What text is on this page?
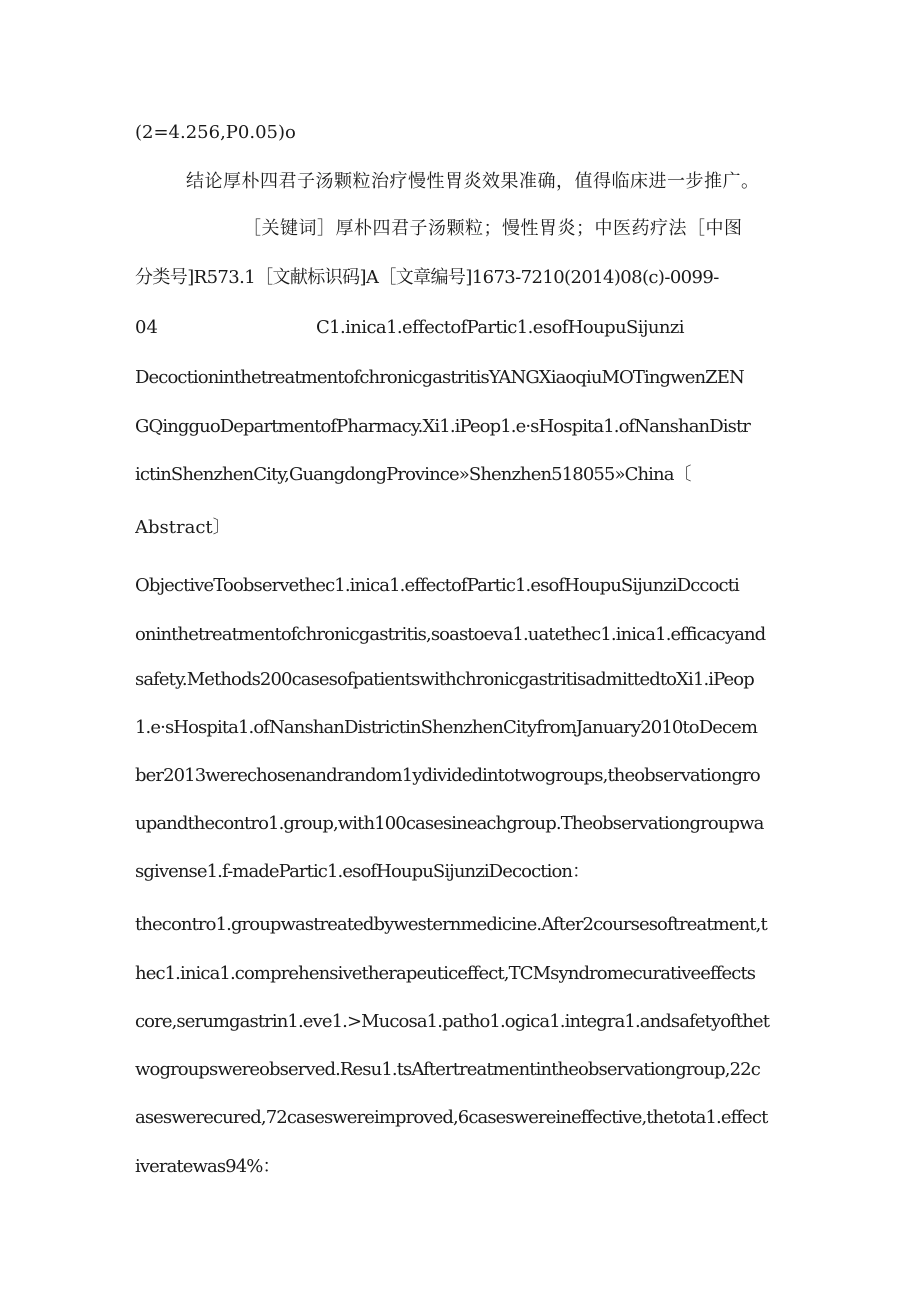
(2=4.256,P0.05)o

结论厚朴四君子汤颗粒治疗慢性胃炎效果准确，值得临床进一步推广。

［关键词］厚朴四君子汤颗粒；慢性胃炎；中医药疗法［中图

分类号]R573.1［文献标识码]A［文章编号]1673-7210(2014)08(c)-0099-

04	C1.inica1.effectofPartic1.esofHoupuSijunzi

DecoctioninthetreatmentofchronicgastritisYANGXiaoqiuMOTingwenZEN

GQingguoDepartmentofPharmacy.Xi1.iPeop1.e·sHospita1.ofNanshanDistr

ictinShenzhenCity,GuangdongProvince»Shenzhen518055»China〔

Abstract〕

ObjectiveToobservethec1.inica1.effectofPartic1.esofHoupuSijunziDccocti

oninthetreatmentofchronicgastritis,soastoeva1.uatethec1.inica1.efficacyand

safety.Methods200casesofpatientswithchronicgastritisadmittedtoXi1.iPeop

1.e·sHospita1.ofNanshanDistrictinShenzhenCityfromJanuary2010toDecem

ber2013werechosenandrandom1ydividedintotwogroups,theobservationgro

upandthecontro1.group,with100casesineachgroup.Theobservationgroupwa

sgivense1.f-madePartic1.esofHoupuSijunziDecoction：

thecontro1.groupwastreatedbywesternmedicine.After2coursesoftreatment,t

hec1.inica1.comprehensivetherapeuticeffect,TCMsyndromecurativeeffects

core,serumgastrin1.eve1.>Mucosa1.patho1.ogica1.integra1.andsafetyofthet

wogroupswereobserved.Resu1.tsAftertreatmentintheobservationgroup,22c

aseswerecured,72caseswereimproved,6caseswereineffective,thetota1.effect

iveratewas94%：
